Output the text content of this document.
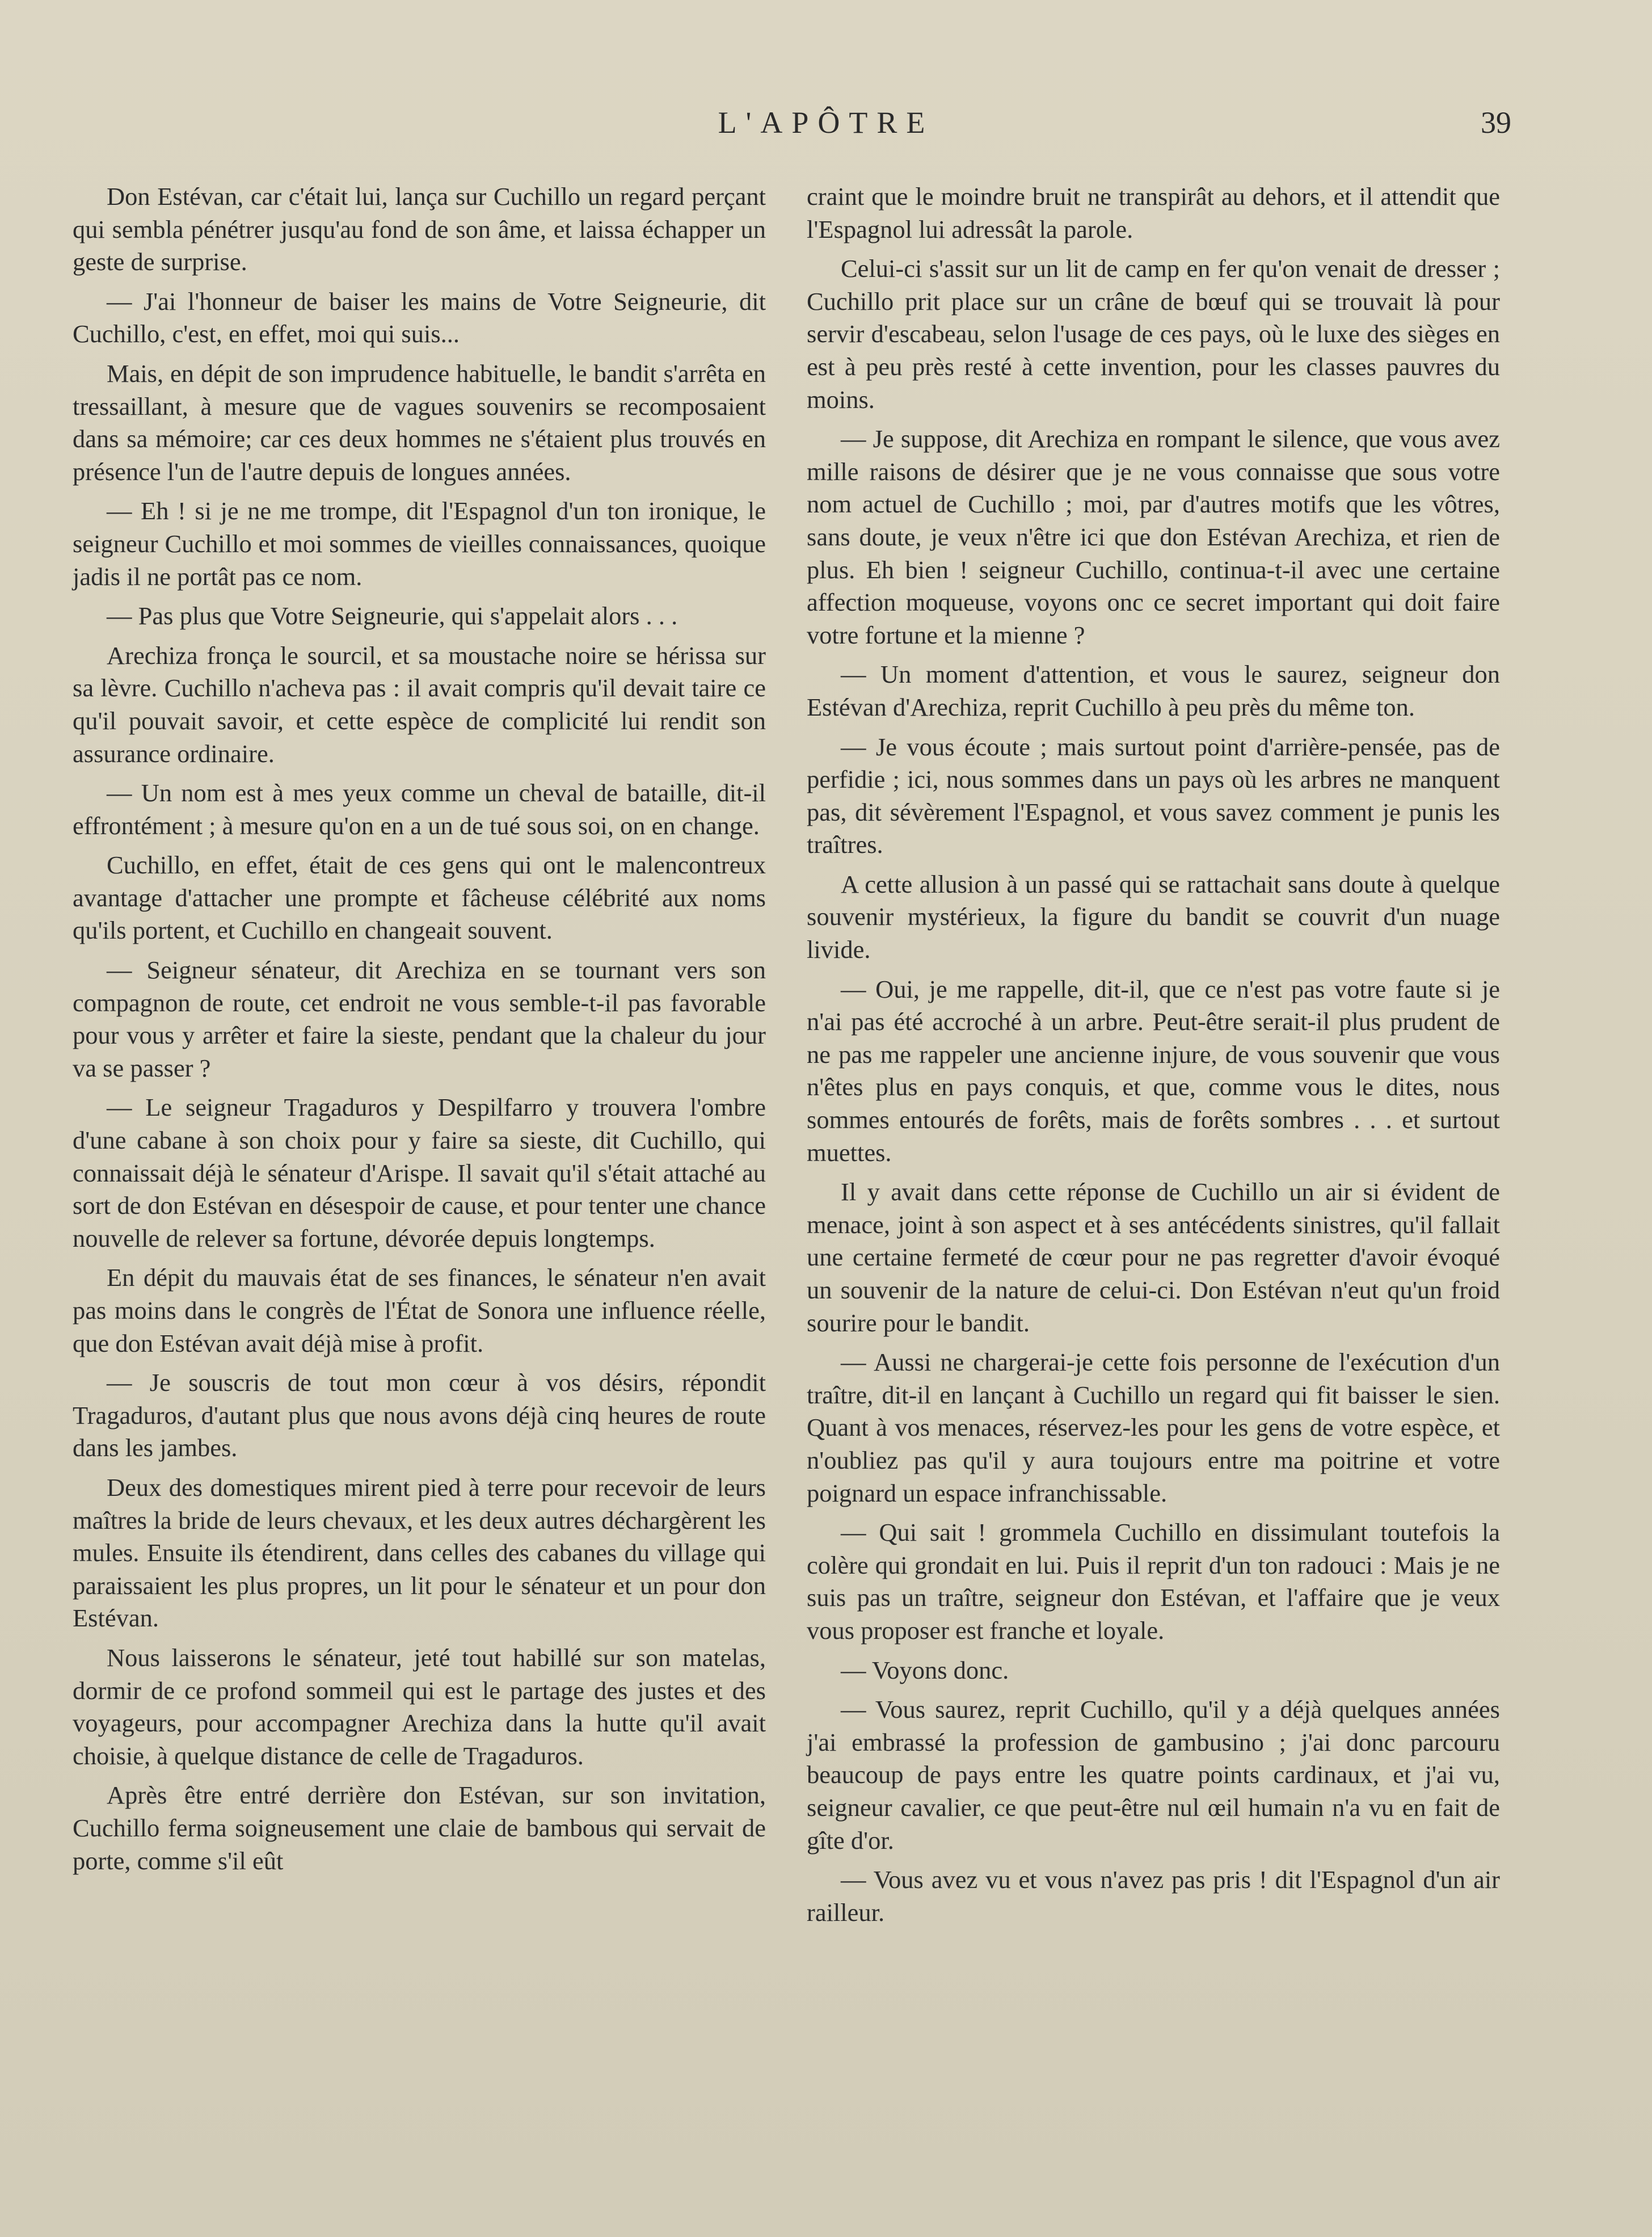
L'APÔTRE	39

Don Estévan, car c'était lui, lança sur Cuchillo un regard perçant qui sembla pénétrer jusqu'au fond de son âme, et laissa échapper un geste de surprise.

— J'ai l'honneur de baiser les mains de Votre Seigneurie, dit Cuchillo, c'est, en effet, moi qui suis...

Mais, en dépit de son imprudence habituelle, le bandit s'arrêta en tressaillant, à mesure que de vagues souvenirs se recomposaient dans sa mémoire; car ces deux hommes ne s'étaient plus trouvés en présence l'un de l'autre depuis de longues années.

— Eh ! si je ne me trompe, dit l'Espagnol d'un ton ironique, le seigneur Cuchillo et moi sommes de vieilles connaissances, quoique jadis il ne portât pas ce nom.

— Pas plus que Votre Seigneurie, qui s'appelait alors . . .

Arechiza fronça le sourcil, et sa moustache noire se hérissa sur sa lèvre. Cuchillo n'acheva pas : il avait compris qu'il devait taire ce qu'il pouvait savoir, et cette espèce de complicité lui rendit son assurance ordinaire.

— Un nom est à mes yeux comme un cheval de bataille, dit-il effrontément ; à mesure qu'on en a un de tué sous soi, on en change.

Cuchillo, en effet, était de ces gens qui ont le malencontreux avantage d'attacher une prompte et fâcheuse célébrité aux noms qu'ils portent, et Cuchillo en changeait souvent.

— Seigneur sénateur, dit Arechiza en se tournant vers son compagnon de route, cet endroit ne vous semble-t-il pas favorable pour vous y arrêter et faire la sieste, pendant que la chaleur du jour va se passer ?

— Le seigneur Tragaduros y Despilfarro y trouvera l'ombre d'une cabane à son choix pour y faire sa sieste, dit Cuchillo, qui connaissait déjà le sénateur d'Arispe. Il savait qu'il s'était attaché au sort de don Estévan en désespoir de cause, et pour tenter une chance nouvelle de relever sa fortune, dévorée depuis longtemps.

En dépit du mauvais état de ses finances, le sénateur n'en avait pas moins dans le congrès de l'État de Sonora une influence réelle, que don Estévan avait déjà mise à profit.

— Je souscris de tout mon cœur à vos désirs, répondit Tragaduros, d'autant plus que nous avons déjà cinq heures de route dans les jambes.

Deux des domestiques mirent pied à terre pour recevoir de leurs maîtres la bride de leurs chevaux, et les deux autres déchargèrent les mules. Ensuite ils étendirent, dans celles des cabanes du village qui paraissaient les plus propres, un lit pour le sénateur et un pour don Estévan.

Nous laisserons le sénateur, jeté tout habillé sur son matelas, dormir de ce profond sommeil qui est le partage des justes et des voyageurs, pour accompagner Arechiza dans la hutte qu'il avait choisie, à quelque distance de celle de Tragaduros.

Après être entré derrière don Estévan, sur son invitation, Cuchillo ferma soigneusement une claie de bambous qui servait de porte, comme s'il eût

craint que le moindre bruit ne transpirât au dehors, et il attendit que l'Espagnol lui adressât la parole.

Celui-ci s'assit sur un lit de camp en fer qu'on venait de dresser ; Cuchillo prit place sur un crâne de bœuf qui se trouvait là pour servir d'escabeau, selon l'usage de ces pays, où le luxe des sièges en est à peu près resté à cette invention, pour les classes pauvres du moins.

— Je suppose, dit Arechiza en rompant le silence, que vous avez mille raisons de désirer que je ne vous connaisse que sous votre nom actuel de Cuchillo ; moi, par d'autres motifs que les vôtres, sans doute, je veux n'être ici que don Estévan Arechiza, et rien de plus. Eh bien ! seigneur Cuchillo, continua-t-il avec une certaine affection moqueuse, voyons onc ce secret important qui doit faire votre fortune et la mienne ?

— Un moment d'attention, et vous le saurez, seigneur don Estévan d'Arechiza, reprit Cuchillo à peu près du même ton.

— Je vous écoute ; mais surtout point d'arrière-pensée, pas de perfidie ; ici, nous sommes dans un pays où les arbres ne manquent pas, dit sévèrement l'Espagnol, et vous savez comment je punis les traîtres.

A cette allusion à un passé qui se rattachait sans doute à quelque souvenir mystérieux, la figure du bandit se couvrit d'un nuage livide.

— Oui, je me rappelle, dit-il, que ce n'est pas votre faute si je n'ai pas été accroché à un arbre. Peut-être serait-il plus prudent de ne pas me rappeler une ancienne injure, de vous souvenir que vous n'êtes plus en pays conquis, et que, comme vous le dites, nous sommes entourés de forêts, mais de forêts sombres . . . et surtout muettes.

Il y avait dans cette réponse de Cuchillo un air si évident de menace, joint à son aspect et à ses antécédents sinistres, qu'il fallait une certaine fermeté de cœur pour ne pas regretter d'avoir évoqué un souvenir de la nature de celui-ci. Don Estévan n'eut qu'un froid sourire pour le bandit.

— Aussi ne chargerai-je cette fois personne de l'exécution d'un traître, dit-il en lançant à Cuchillo un regard qui fit baisser le sien. Quant à vos menaces, réservez-les pour les gens de votre espèce, et n'oubliez pas qu'il y aura toujours entre ma poitrine et votre poignard un espace infranchissable.

— Qui sait ! grommela Cuchillo en dissimulant toutefois la colère qui grondait en lui. Puis il reprit d'un ton radouci : Mais je ne suis pas un traître, seigneur don Estévan, et l'affaire que je veux vous proposer est franche et loyale.

— Voyons donc.

— Vous saurez, reprit Cuchillo, qu'il y a déjà quelques années j'ai embrassé la profession de gambusino ; j'ai donc parcouru beaucoup de pays entre les quatre points cardinaux, et j'ai vu, seigneur cavalier, ce que peut-être nul œil humain n'a vu en fait de gîte d'or.

— Vous avez vu et vous n'avez pas pris ! dit l'Espagnol d'un air railleur.
